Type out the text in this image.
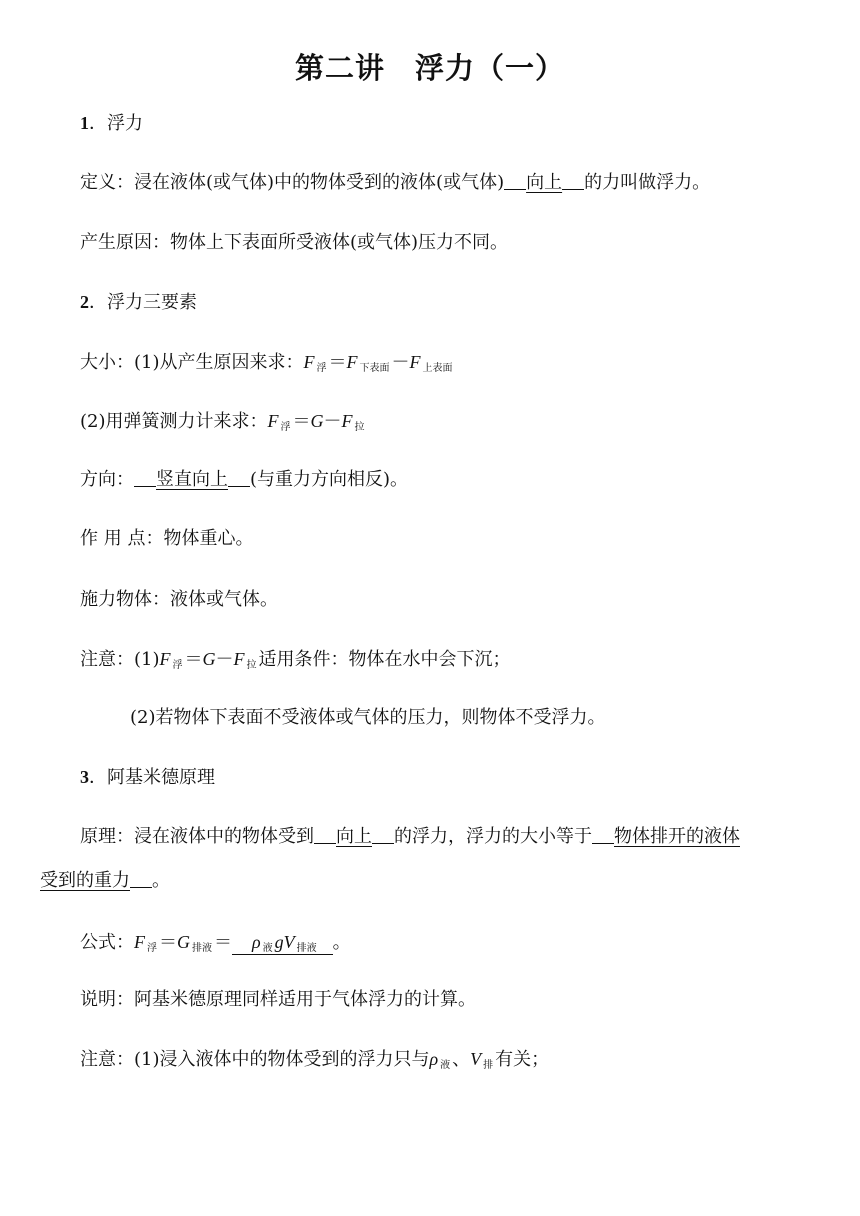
第二讲　浮力（一）
1．浮力
定义：浸在液体(或气体)中的物体受到的液体(或气体) 向上 的力叫做浮力。
产生原因：物体上下表面所受液体(或气体)压力不同。
2．浮力三要素
大小：(1)从产生原因来求：F $_浮$ ＝F $_{下表面}$ －F $_{上表面}$
(2)用弹簧测力计来求：F $_浮$ ＝G－F $_拉$
方向： 竖直向上 (与重力方向相反)。
作 用 点：物体重心。
施力物体：液体或气体。
注意：(1)F $_浮$ ＝G－F $_拉$ 适用条件：物体在水中会下沉；
(2)若物体下表面不受液体或气体的压力，则物体不受浮力。
3．阿基米德原理
原理：浸在液体中的物体受到 向上 的浮力，浮力的大小等于 物体排开的液体
受到的重力 。
公式：F $_浮$ ＝G $_{排液}$ ＝ ρ $_液$ gV $_{排液}$ 。
说明：阿基米德原理同样适用于气体浮力的计算。
注意：(1)浸入液体中的物体受到的浮力只与ρ $_液$ 、V $_排$ 有关；
